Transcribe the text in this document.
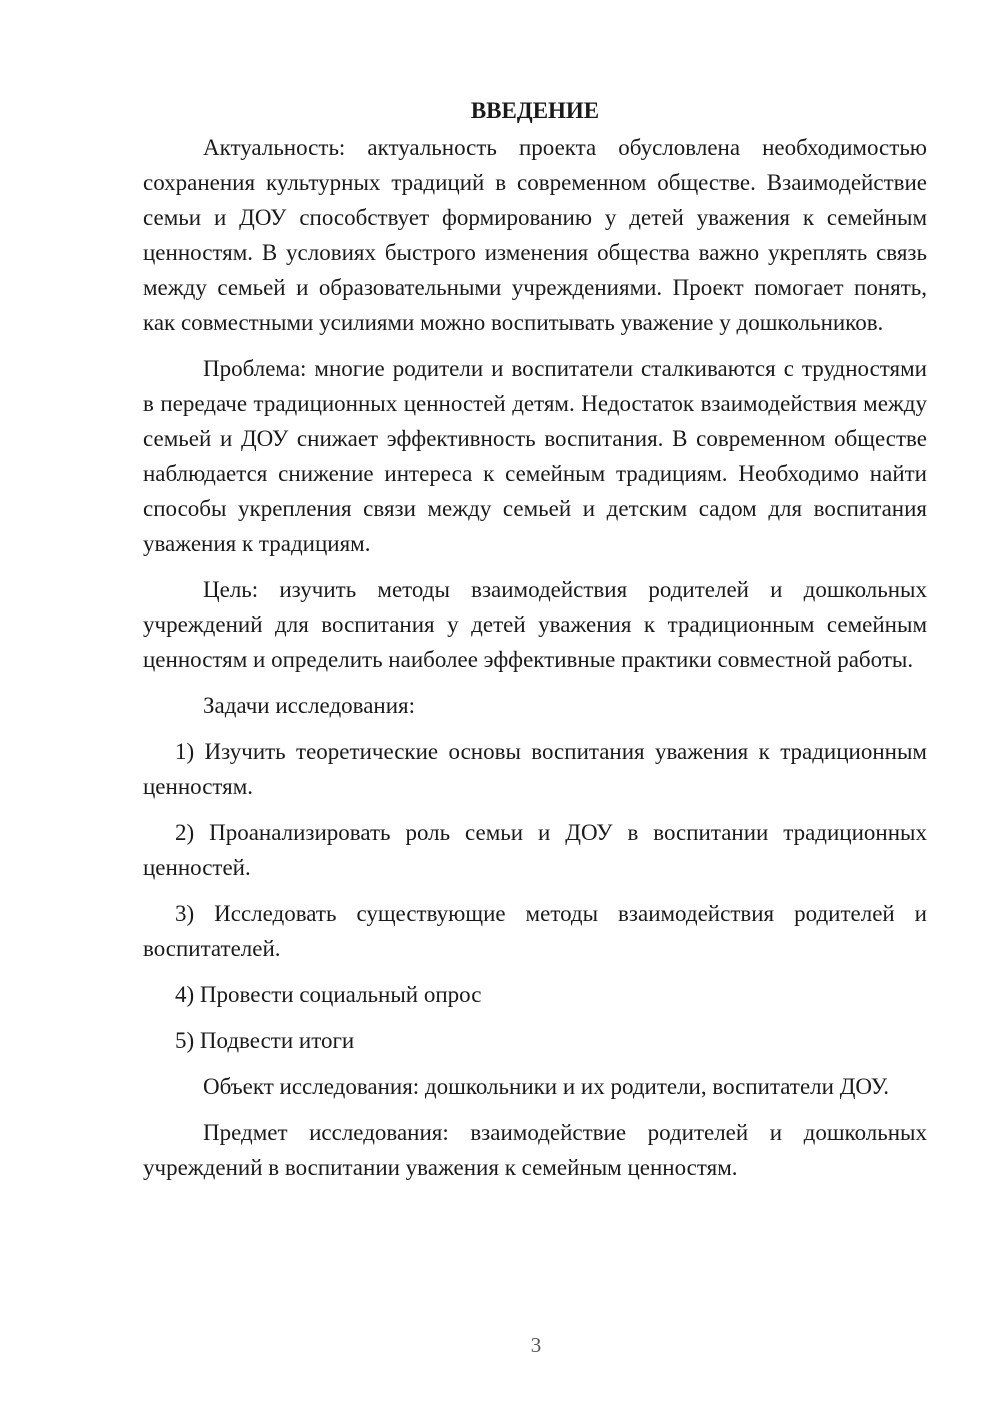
ВВЕДЕНИЕ

Актуальность: актуальность проекта обусловлена необходимостью сохранения культурных традиций в современном обществе. Взаимодействие семьи и ДОУ способствует формированию у детей уважения к семейным ценностям. В условиях быстрого изменения общества важно укреплять связь между семьей и образовательными учреждениями. Проект помогает понять, как совместными усилиями можно воспитывать уважение у дошкольников.

Проблема: многие родители и воспитатели сталкиваются с трудностями в передаче традиционных ценностей детям. Недостаток взаимодействия между семьей и ДОУ снижает эффективность воспитания. В современном обществе наблюдается снижение интереса к семейным традициям. Необходимо найти способы укрепления связи между семьей и детским садом для воспитания уважения к традициям.

Цель: изучить методы взаимодействия родителей и дошкольных учреждений для воспитания у детей уважения к традиционным семейным ценностям и определить наиболее эффективные практики совместной работы.

Задачи исследования:

1) Изучить теоретические основы воспитания уважения к традиционным ценностям.

2) Проанализировать роль семьи и ДОУ в воспитании традиционных ценностей.

3) Исследовать существующие методы взаимодействия родителей и воспитателей.

4) Провести социальный опрос

5) Подвести итоги

Объект исследования: дошкольники и их родители, воспитатели ДОУ.

Предмет исследования: взаимодействие родителей и дошкольных учреждений в воспитании уважения к семейным ценностям.

3
